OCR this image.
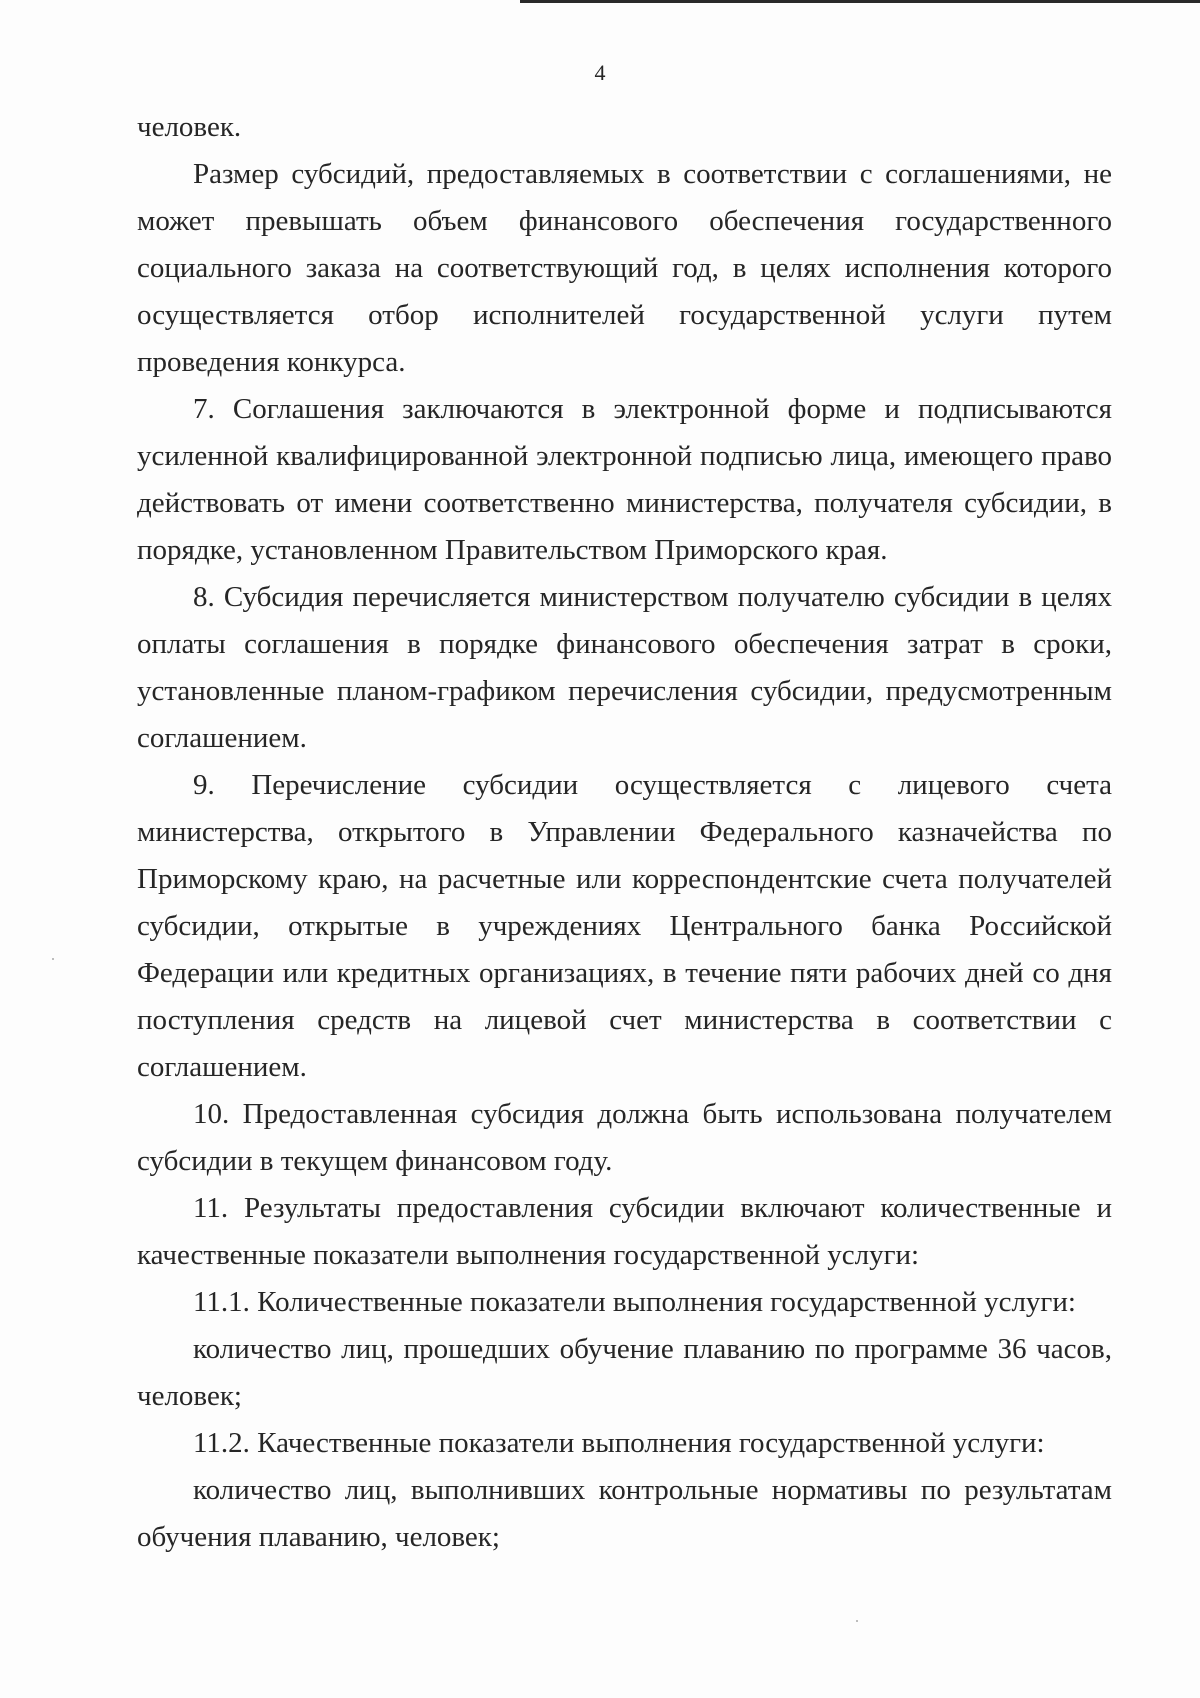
4

человек.

Размер субсидий, предоставляемых в соответствии с соглашениями, не может превышать объем финансового обеспечения государственного социального заказа на соответствующий год, в целях исполнения которого осуществляется отбор исполнителей государственной услуги путем проведения конкурса.

7. Соглашения заключаются в электронной форме и подписываются усиленной квалифицированной электронной подписью лица, имеющего право действовать от имени соответственно министерства, получателя субсидии, в порядке, установленном Правительством Приморского края.

8. Субсидия перечисляется министерством получателю субсидии в целях оплаты соглашения в порядке финансового обеспечения затрат в сроки, установленные планом-графиком перечисления субсидии, предусмотренным соглашением.

9. Перечисление субсидии осуществляется с лицевого счета министерства, открытого в Управлении Федерального казначейства по Приморскому краю, на расчетные или корреспондентские счета получателей субсидии, открытые в учреждениях Центрального банка Российской Федерации или кредитных организациях, в течение пяти рабочих дней со дня поступления средств на лицевой счет министерства в соответствии с соглашением.

10. Предоставленная субсидия должна быть использована получателем субсидии в текущем финансовом году.

11. Результаты предоставления субсидии включают количественные и качественные показатели выполнения государственной услуги:

11.1. Количественные показатели выполнения государственной услуги:

количество лиц, прошедших обучение плаванию по программе 36 часов, человек;

11.2. Качественные показатели выполнения государственной услуги:

количество лиц, выполнивших контрольные нормативы по результатам обучения плаванию, человек;
